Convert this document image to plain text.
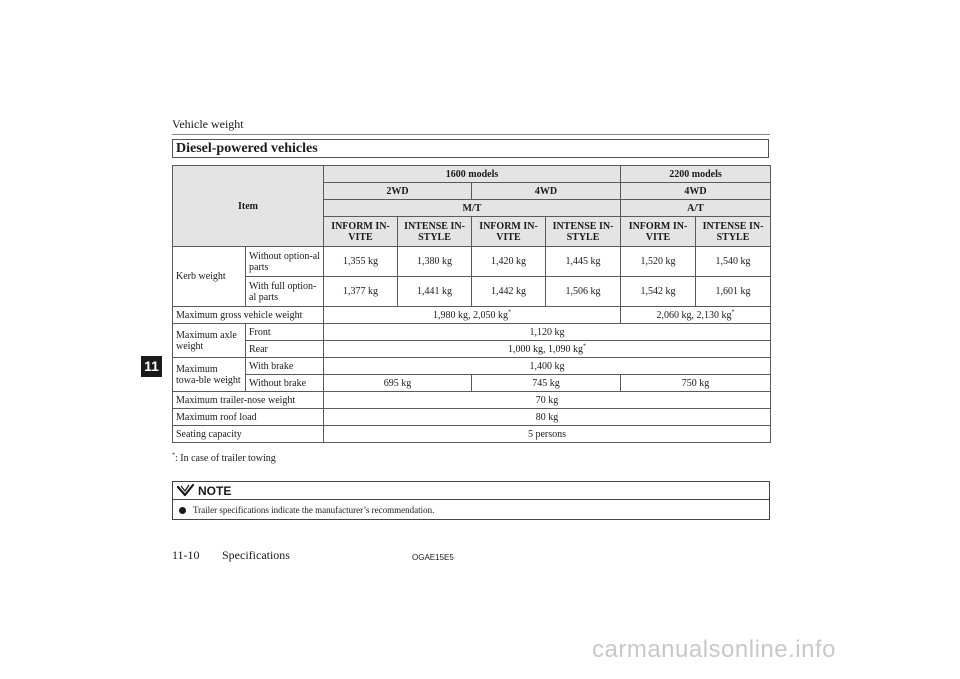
Vehicle weight
Diesel-powered vehicles
11
Item		1600 models				2200 models	
		2WD		4WD		4WD	
		M/T				A/T	
		INFORM IN-VITE	INTENSE IN-STYLE	INFORM IN-VITE	INTENSE IN-STYLE	INFORM IN-VITE	INTENSE IN-STYLE
Kerb weight	Without option-al parts	1,355 kg	1,380 kg	1,420 kg	1,445 kg	1,520 kg	1,540 kg
	With full option-al parts	1,377 kg	1,441 kg	1,442 kg	1,506 kg	1,542 kg	1,601 kg
Maximum gross vehicle weight		1,980 kg, 2,050 kg*				2,060 kg, 2,130 kg*
Maximum axle weight	Front	1,120 kg					
	Rear	1,000 kg, 1,090 kg*
Maximum towa-ble weight	With brake	1,400 kg					
	Without brake	695 kg		745 kg		750 kg	
Maximum trailer-nose weight		70 kg					
Maximum roof load		80 kg					
Seating capacity		5 persons					
*: In case of trailer towing
NOTE
Trailer specifications indicate the manufacturer’s recommendation.
11-10 Specifications	OGAE15E5
carmanualsonline.info
